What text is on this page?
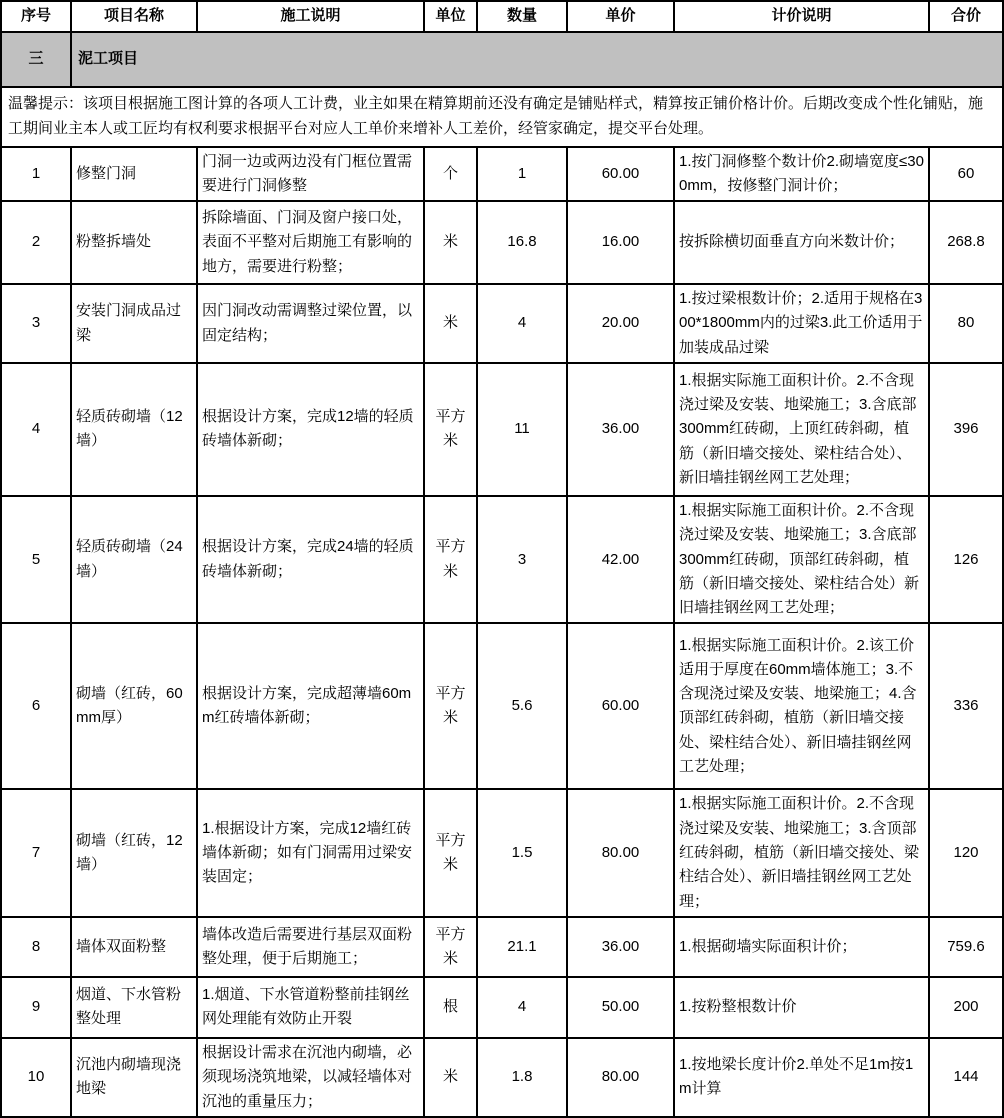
序号	项目名称	施工说明	单位	数量	单价	计价说明	合价
三	泥工项目						
温馨提示：该项目根据施工图计算的各项人工计费，业主如果在精算期前还没有确定是铺贴样式，精算按正铺价格计价。后期改变成个性化铺贴，施工期间业主本人或工匠均有权利要求根据平台对应人工单价来增补人工差价，经管家确定，提交平台处理。							
1	修整门洞	门洞一边或两边没有门框位置需要进行门洞修整	个	1	60.00	1.按门洞修整个数计价2.砌墙宽度≤300mm，按修整门洞计价；	60
2	粉整拆墙处	拆除墙面、门洞及窗户接口处，表面不平整对后期施工有影响的地方，需要进行粉整；	米	16.8	16.00	按拆除横切面垂直方向米数计价；	268.8
3	安装门洞成品过梁	因门洞改动需调整过梁位置，以固定结构；	米	4	20.00	1.按过梁根数计价；2.适用于规格在300*1800mm内的过梁3.此工价适用于加装成品过梁	80
4	轻质砖砌墙（12墙）	根据设计方案，完成12墙的轻质砖墙体新砌；	平方米	11	36.00	1.根据实际施工面积计价。2.不含现浇过梁及安装、地梁施工；3.含底部300mm红砖砌，上顶红砖斜砌，植筋（新旧墙交接处、梁柱结合处）、新旧墙挂钢丝网工艺处理；	396
5	轻质砖砌墙（24墙）	根据设计方案，完成24墙的轻质砖墙体新砌；	平方米	3	42.00	1.根据实际施工面积计价。2.不含现浇过梁及安装、地梁施工；3.含底部300mm红砖砌，顶部红砖斜砌，植筋（新旧墙交接处、梁柱结合处）新旧墙挂钢丝网工艺处理；	126
6	砌墙（红砖，60mm厚）	根据设计方案，完成超薄墙60mm红砖墙体新砌；	平方米	5.6	60.00	1.根据实际施工面积计价。2.该工价适用于厚度在60mm墙体施工；3.不含现浇过梁及安装、地梁施工；4.含顶部红砖斜砌，植筋（新旧墙交接处、梁柱结合处）、新旧墙挂钢丝网工艺处理；	336
7	砌墙（红砖，12墙）	1.根据设计方案，完成12墙红砖墙体新砌；如有门洞需用过梁安装固定；	平方米	1.5	80.00	1.根据实际施工面积计价。2.不含现浇过梁及安装、地梁施工；3.含顶部红砖斜砌，植筋（新旧墙交接处、梁柱结合处）、新旧墙挂钢丝网工艺处理；	120
8	墙体双面粉整	墙体改造后需要进行基层双面粉整处理，便于后期施工；	平方米	21.1	36.00	1.根据砌墙实际面积计价；	759.6
9	烟道、下水管粉整处理	1.烟道、下水管道粉整前挂钢丝网处理能有效防止开裂	根	4	50.00	1.按粉整根数计价	200
10	沉池内砌墙现浇地梁	根据设计需求在沉池内砌墙，必须现场浇筑地梁，以减轻墙体对沉池的重量压力；	米	1.8	80.00	1.按地梁长度计价2.单处不足1m按1m计算	144
